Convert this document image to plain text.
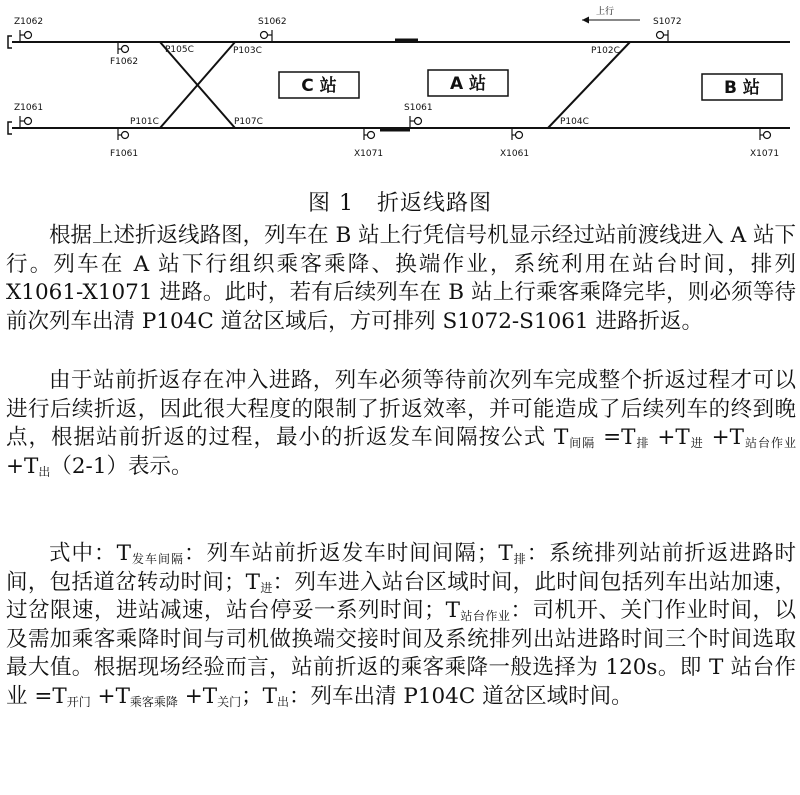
上行
Z1062	S1062	S1072
F1062
P105C	P103C	P102C
Z1061	S1061
P101C	P107C	P104C
F1061	X1071	X1061	X1071
C 站	A 站	B 站
图 1　折返线路图

根据上述折返线路图，列车在 B 站上行凭信号机显示经过站前渡线进入 A 站下行。列车在 A 站下行组织乘客乘降、换端作业，系统利用在站台时间，排列 X1061-X1071 进路。此时，若有后续列车在 B 站上行乘客乘降完毕，则必须等待前次列车出清 P104C 道岔区域后，方可排列 S1072-S1061 进路折返。

由于站前折返存在冲入进路，列车必须等待前次列车完成整个折返过程才可以进行后续折返，因此很大程度的限制了折返效率，并可能造成了后续列车的终到晚点，根据站前折返的过程，最小的折返发车间隔按公式 $T_{间隔} =T_排 +T_进 +T_{站台作业} +T_出(2-1)$表示。

式中：$T_{发车间隔}$：列车站前折返发车时间间隔；$T_排$：系统排列站前折返进路时间，包括道岔转动时间；$T_进$：列车进入站台区域时间，此时间包括列车出站加速，过岔限速，进站减速，站台停妥一系列时间；$T_{站台作业}$：司机开、关门作业时间，以及需加乘客乘降时间与司机做换端交接时间及系统排列出站进路时间三个时间选取最大值。根据现场经验而言，站前折返的乘客乘降一般选择为 120s。即 T 站台作业 $=T_{开门} +T_{乘客乘降} +T_{关门}$；$T_出$：列车出清 P104C 道岔区域时间。
